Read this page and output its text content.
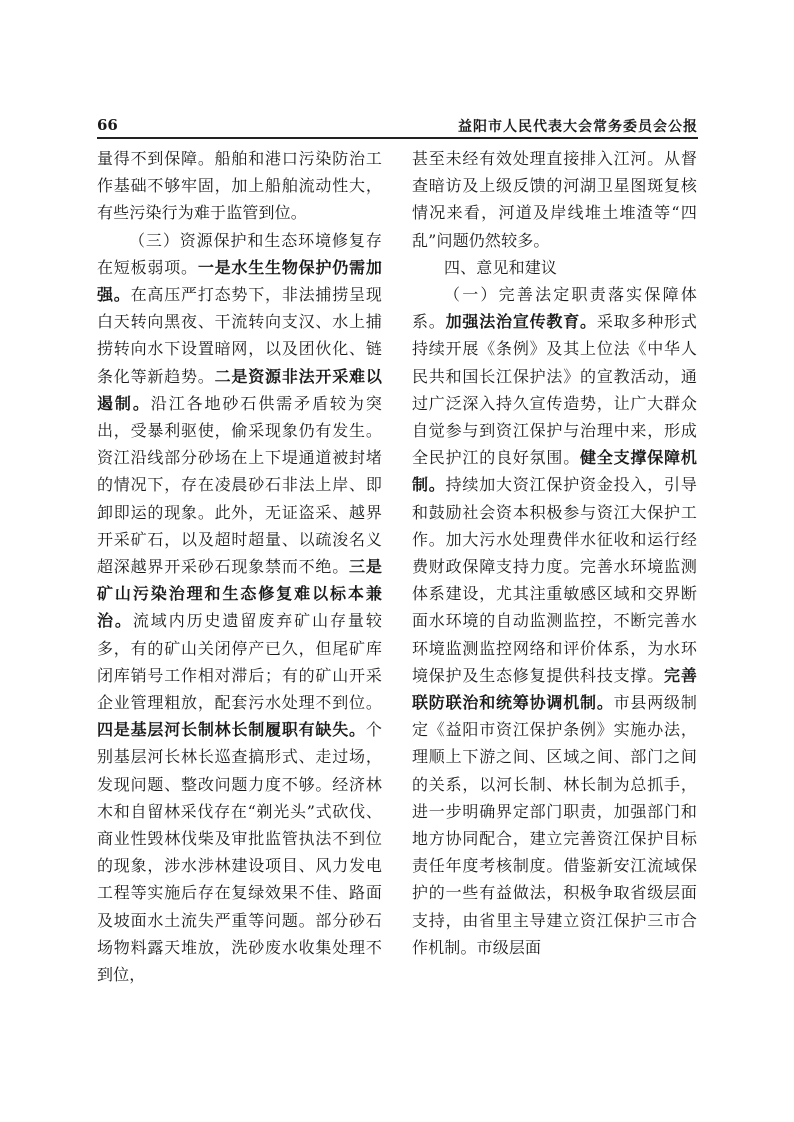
66	益阳市人民代表大会常务委员会公报

量得不到保障。船舶和港口污染防治工作基础不够牢固，加上船舶流动性大，有些污染行为难于监管到位。

（三）资源保护和生态环境修复存在短板弱项。一是水生生物保护仍需加强。在高压严打态势下，非法捕捞呈现白天转向黑夜、干流转向支汉、水上捕捞转向水下设置暗网，以及团伙化、链条化等新趋势。二是资源非法开采难以遏制。沿江各地砂石供需矛盾较为突出，受暴利驱使，偷采现象仍有发生。资江沿线部分砂场在上下堤通道被封堵的情况下，存在凌晨砂石非法上岸、即卸即运的现象。此外，无证盗采、越界开采矿石，以及超时超量、以疏浚名义超深越界开采砂石现象禁而不绝。三是矿山污染治理和生态修复难以标本兼治。流域内历史遗留废弃矿山存量较多，有的矿山关闭停产已久，但尾矿库闭库销号工作相对滞后；有的矿山开采企业管理粗放，配套污水处理不到位。四是基层河长制林长制履职有缺失。个别基层河长林长巡查搞形式、走过场，发现问题、整改问题力度不够。经济林木和自留林采伐存在“剃光头”式砍伐、商业性毁林伐柴及审批监管执法不到位的现象，涉水涉林建设项目、风力发电工程等实施后存在复绿效果不佳、路面及坡面水土流失严重等问题。部分砂石场物料露天堆放，洗砂废水收集处理不到位，

甚至未经有效处理直接排入江河。从督查暗访及上级反馈的河湖卫星图斑复核情况来看，河道及岸线堆土堆渣等“四乱”问题仍然较多。

四、意见和建议

（一）完善法定职责落实保障体系。加强法治宣传教育。采取多种形式持续开展《条例》及其上位法《中华人民共和国长江保护法》的宣教活动，通过广泛深入持久宣传造势，让广大群众自觉参与到资江保护与治理中来，形成全民护江的良好氛围。健全支撑保障机制。持续加大资江保护资金投入，引导和鼓励社会资本积极参与资江大保护工作。加大污水处理费伴水征收和运行经费财政保障支持力度。完善水环境监测体系建设，尤其注重敏感区域和交界断面水环境的自动监测监控，不断完善水环境监测监控网络和评价体系，为水环境保护及生态修复提供科技支撑。完善联防联治和统筹协调机制。市县两级制定《益阳市资江保护条例》实施办法，理顺上下游之间、区域之间、部门之间的关系，以河长制、林长制为总抓手，进一步明确界定部门职责，加强部门和地方协同配合，建立完善资江保护目标责任年度考核制度。借鉴新安江流域保护的一些有益做法，积极争取省级层面支持，由省里主导建立资江保护三市合作机制。市级层面
